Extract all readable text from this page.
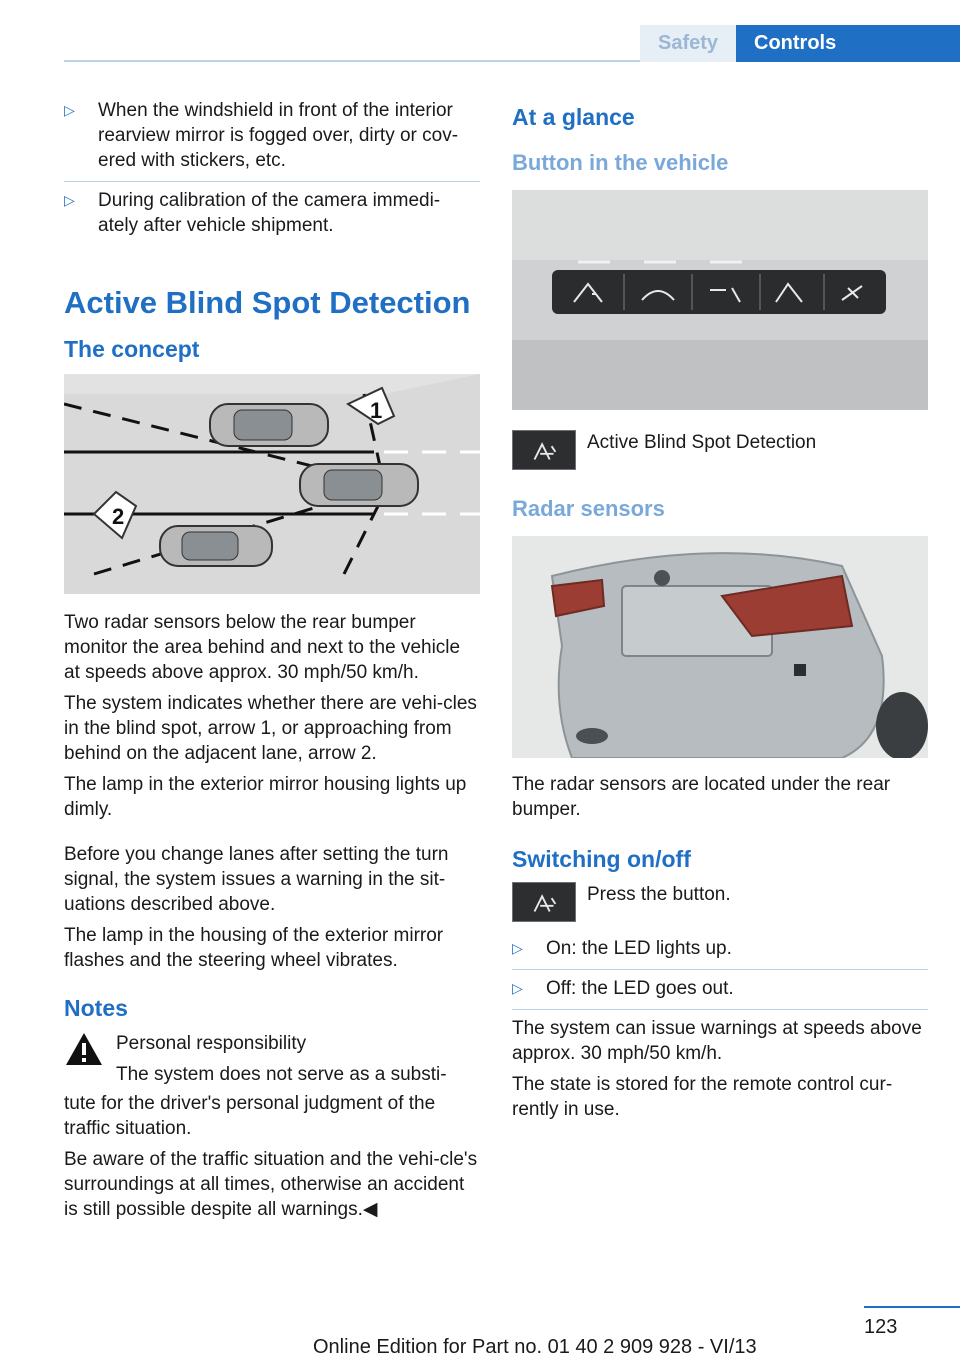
Safety	Controls
▷ When the windshield in front of the interior rearview mirror is fogged over, dirty or cov‐ered with stickers, etc.
▷ During calibration of the camera immedi‐ately after vehicle shipment.
Active Blind Spot Detection
The concept
1
2

Two radar sensors below the rear bumper monitor the area behind and next to the vehicle at speeds above approx. 30 mph/50 km/h.

The system indicates whether there are vehi‐cles in the blind spot, arrow 1, or approaching from behind on the adjacent lane, arrow 2.

The lamp in the exterior mirror housing lights up dimly.

Before you change lanes after setting the turn signal, the system issues a warning in the sit‐uations described above.

The lamp in the housing of the exterior mirror flashes and the steering wheel vibrates.

Notes
Personal responsibility
The system does not serve as a substi‐

tute for the driver's personal judgment of the traffic situation.

Be aware of the traffic situation and the vehi‐cle's surroundings at all times, otherwise an accident is still possible despite all warnings.◀

At a glance
Button in the vehicle
Active Blind Spot Detection
Radar sensors

The radar sensors are located under the rear bumper.

Switching on/off
Press the button.
▷ On: the LED lights up.
▷ Off: the LED goes out.

The system can issue warnings at speeds above approx. 30 mph/50 km/h.

The state is stored for the remote control cur‐rently in use.

123
Online Edition for Part no. 01 40 2 909 928 - VI/13
